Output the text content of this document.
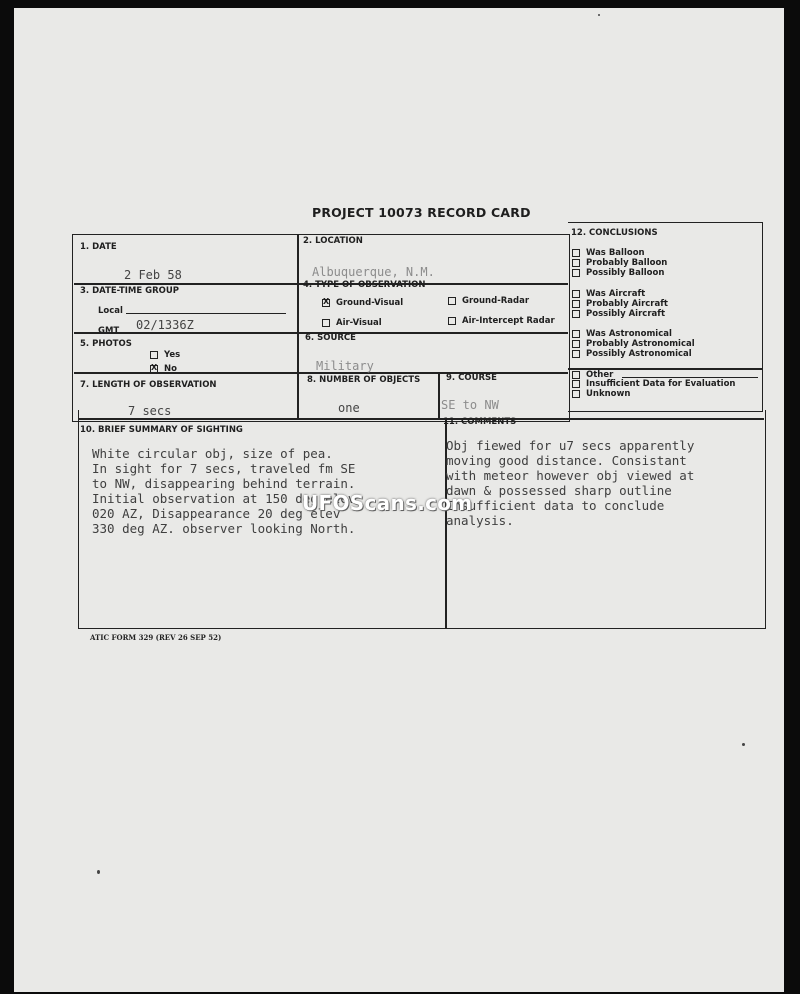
PROJECT 10073 RECORD CARD
1. DATE
2 Feb 58
2. LOCATION
Albuquerque, N.M.
3. DATE-TIME GROUP
Local
GMT 02/1336Z
4. TYPE OF OBSERVATION
X Ground-Visual	Ground-Radar
Air-Visual	Air-Intercept Radar
5. PHOTOS
Yes
X No
6. SOURCE
Military
7. LENGTH OF OBSERVATION
7 secs
8. NUMBER OF OBJECTS
one
9. COURSE
SE to NW
10. BRIEF SUMMARY OF SIGHTING
White circular obj, size of pea.
In sight for 7 secs, traveled fm SE
to NW, disappearing behind terrain.
Initial observation at 150 deg elev
020 AZ, Disappearance 20 deg elev
330 deg AZ. observer looking North.
11. COMMENTS
Obj fiewed for u7 secs apparently
moving good distance. Consistant
with meteor however obj viewed at
dawn & possessed sharp outline
Insufficient data to conclude
analysis.
12. CONCLUSIONS
Was Balloon
Probably Balloon
Possibly Balloon
Was Aircraft
Probably Aircraft
Possibly Aircraft
Was Astronomical
Probably Astronomical
Possibly Astronomical
Other
Insufficient Data for Evaluation
Unknown
UFOScans.com
ATIC FORM 329 (REV 26 SEP 52)
